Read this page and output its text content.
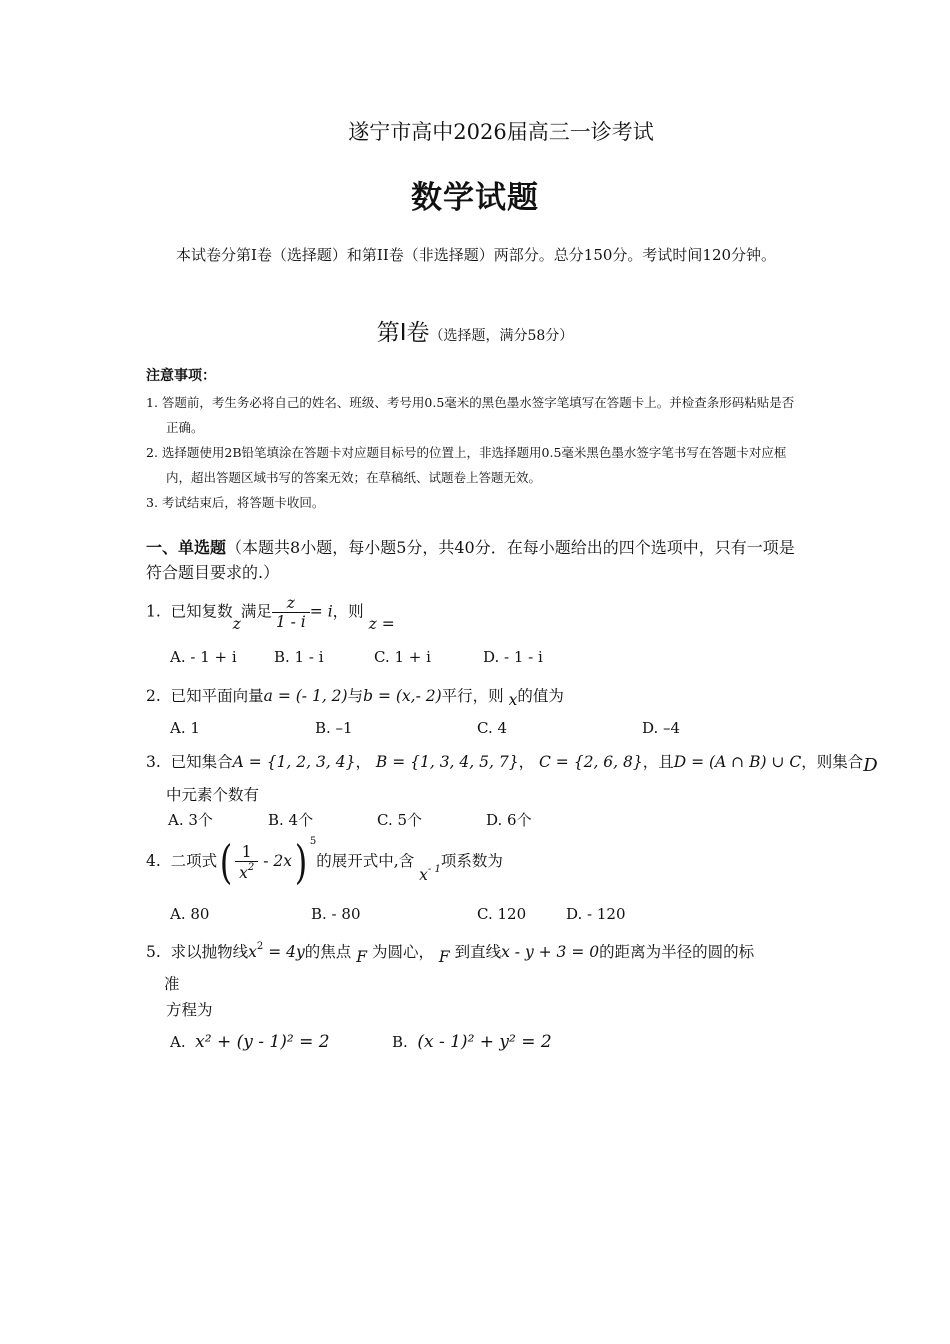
遂宁市高中2026届高三一诊考试
数学试题
本试卷分第Ⅰ卷（选择题）和第II卷（非选择题）两部分。总分150分。考试时间120分钟。
第Ⅰ卷（选择题，满分58分）
注意事项：
1. 答题前，考生务必将自己的姓名、班级、考号用0.5毫米的黑色墨水签字笔填写在答题卡上。并检查条形码粘贴是否正确。
2. 选择题使用2B铅笔填涂在答题卡对应题目标号的位置上，非选择题用0.5毫米黑色墨水签字笔书写在答题卡对应框内，超出答题区域书写的答案无效；在草稿纸、试题卷上答题无效。
3. 考试结束后，将答题卡收回。
一、单选题（本题共8小题，每小题5分，共40分．在每小题给出的四个选项中，只有一项是符合题目要求的.）
1. 已知复数z满足 $\frac{z}{1 - i} = i$，则 z =
A. - 1 + i B. 1 - i	C. 1 + i	D. - 1 - i
2. 已知平面向量a = (- 1, 2)与b = (x,- 2)平行，则 x的值为
A. 1	B. –1	C. 4	D. –4
3. 已知集合A = {1, 2, 3, 4}， B = {1, 3, 4, 5, 7}， C = {2, 6, 8}，且D = (A ∩ B) ∪ C，则集合D
中元素个数有
A. 3个	B. 4个	C. 5个	D. 6个
4. 二项式( $\frac{1}{x^2} - 2x$) $^5$的展开式中,含 $x^{- 1}$项系数为
A. 80	B. - 80	C. 120	D. - 120
5. 求以抛物线$x^2 = 4y$的焦点 F 为圆心， F 到直线x - y + 3 = 0的距离为半径的圆的标
准
方程为
A. x² + (y - 1)² = 2	B. (x - 1)² + y² = 2
